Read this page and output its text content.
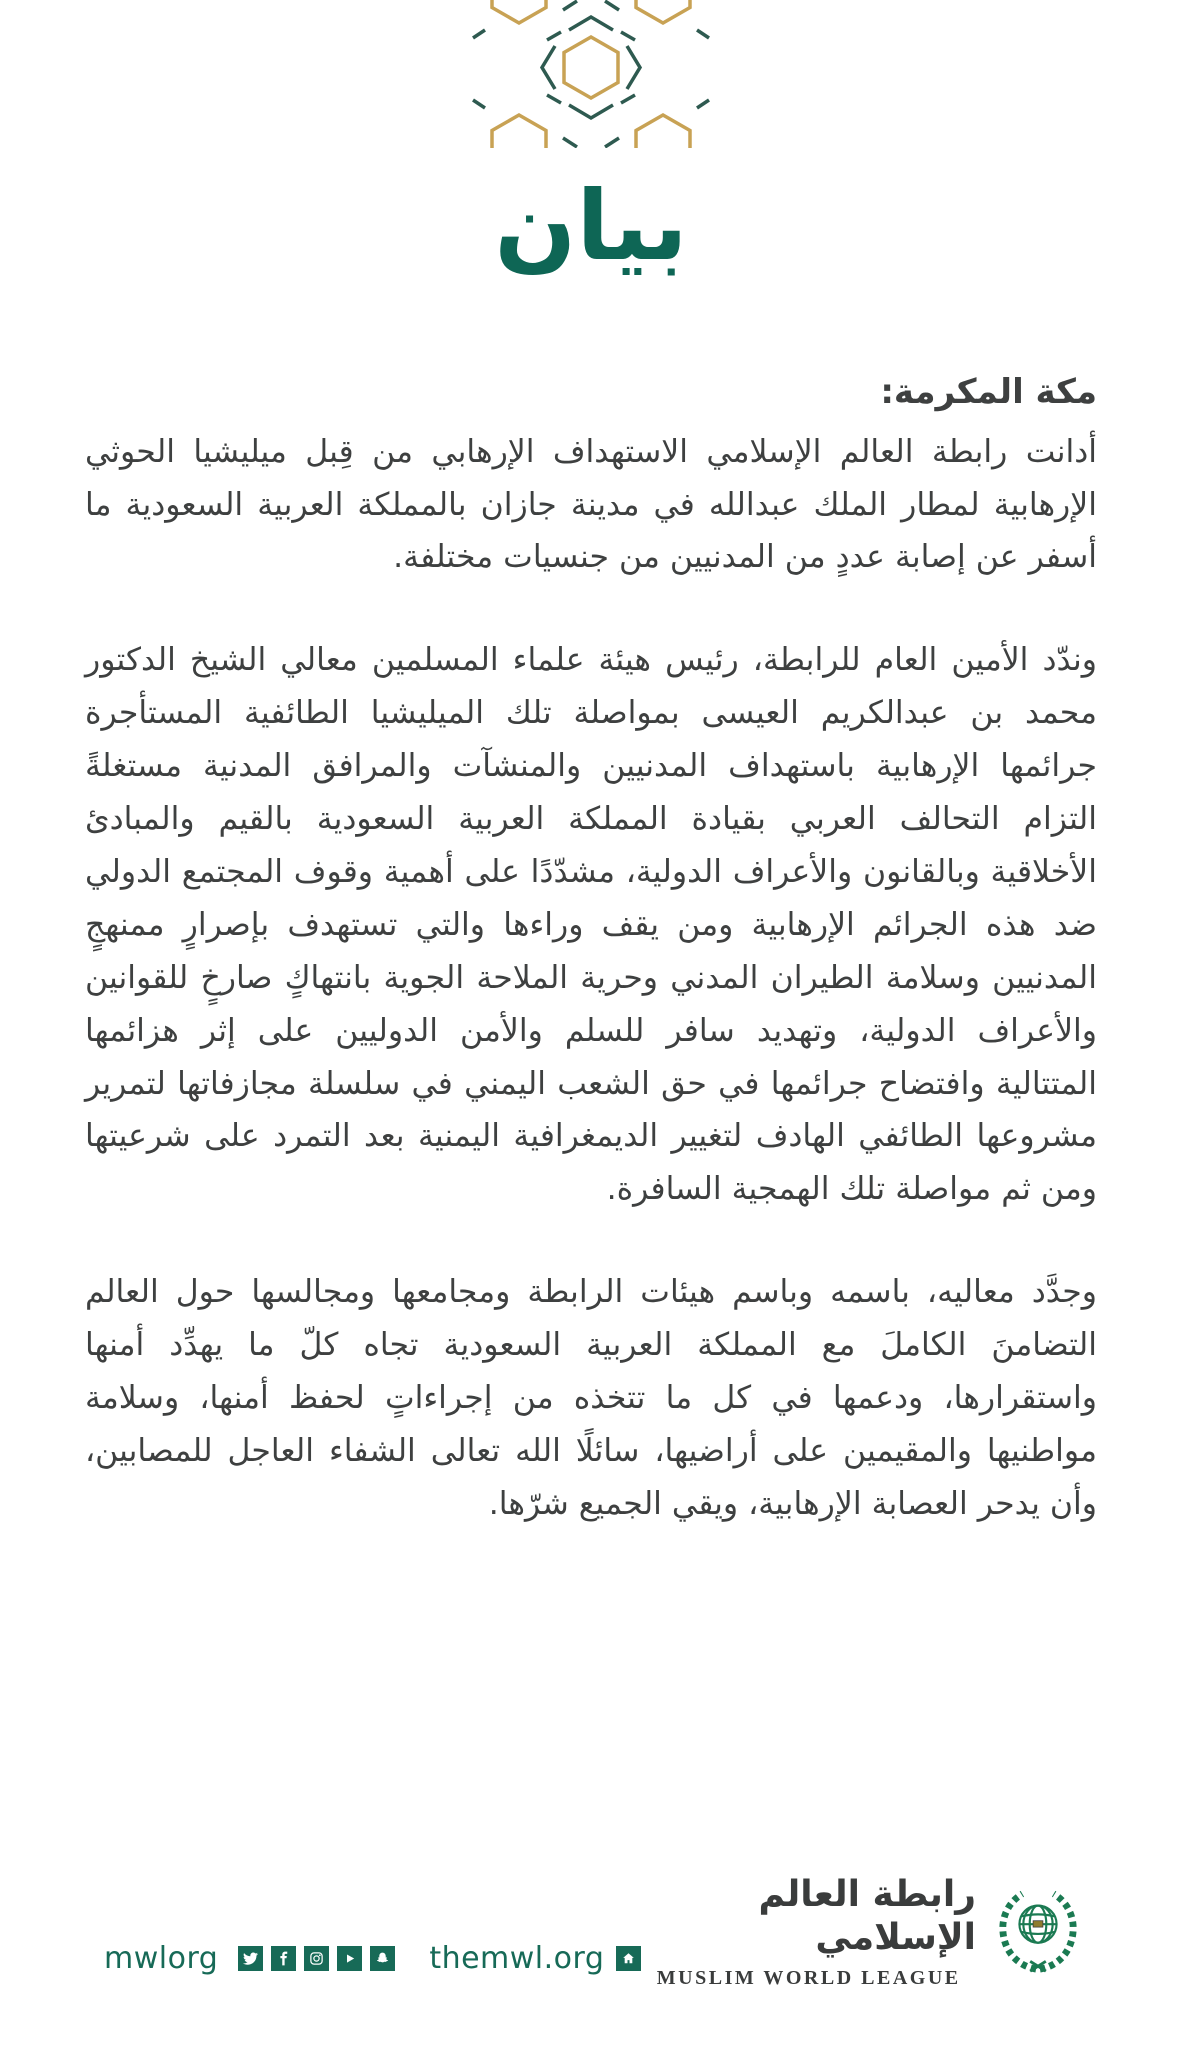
بيان
مكة المكرمة:

أدانت رابطة العالم الإسلامي الاستهداف الإرهابي من قِبل ميليشيا الحوثي الإرهابية لمطار الملك عبدالله في مدينة جازان بالمملكة العربية السعودية ما أسفر عن إصابة عددٍ من المدنيين من جنسيات مختلفة.

وندّد الأمين العام للرابطة، رئيس هيئة علماء المسلمين معالي الشيخ الدكتور محمد بن عبدالكريم العيسى بمواصلة تلك الميليشيا الطائفية المستأجرة جرائمها الإرهابية باستهداف المدنيين والمنشآت والمرافق المدنية مستغلةً التزام التحالف العربي بقيادة المملكة العربية السعودية بالقيم والمبادئ الأخلاقية وبالقانون والأعراف الدولية، مشدّدًا على أهمية وقوف المجتمع الدولي ضد هذه الجرائم الإرهابية ومن يقف وراءها والتي تستهدف بإصرارٍ ممنهجٍ المدنيين وسلامة الطيران المدني وحرية الملاحة الجوية بانتهاكٍ صارخٍ للقوانين والأعراف الدولية، وتهديد سافر للسلم والأمن الدوليين على إثر هزائمها المتتالية وافتضاح جرائمها في حق الشعب اليمني في سلسلة مجازفاتها لتمرير مشروعها الطائفي الهادف لتغيير الديمغرافية اليمنية بعد التمرد على شرعيتها ومن ثم مواصلة تلك الهمجية السافرة.

وجدَّد معاليه، باسمه وباسم هيئات الرابطة ومجامعها ومجالسها حول العالم التضامنَ الكاملَ مع المملكة العربية السعودية تجاه كلّ ما يهدِّد أمنها واستقرارها، ودعمها في كل ما تتخذه من إجراءاتٍ لحفظ أمنها، وسلامة مواطنيها والمقيمين على أراضيها، سائلًا الله تعالى الشفاء العاجل للمصابين، وأن يدحر العصابة الإرهابية، ويقي الجميع شرّها.

mwlorg	themwl.org
رابطة العالم الإسلامي
MUSLIM WORLD LEAGUE
